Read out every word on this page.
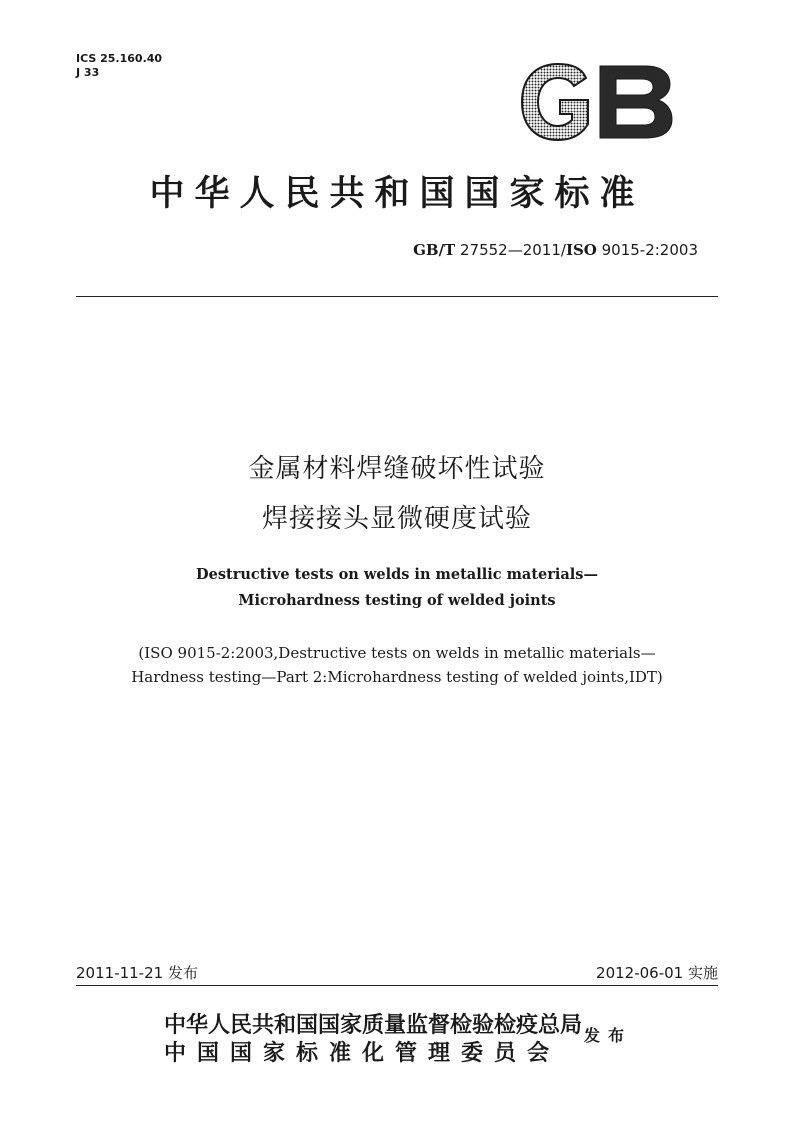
ICS 25.160.40
J 33
中华人民共和国国家标准
GB/T 27552—2011/ISO 9015-2:2003
金属材料焊缝破坏性试验
焊接接头显微硬度试验
Destructive tests on welds in metallic materials—
Microhardness testing of welded joints
(ISO 9015-2:2003,Destructive tests on welds in metallic materials—
Hardness testing—Part 2:Microhardness testing of welded joints,IDT)
2011-11-21 发布	2012-06-01 实施
中华人民共和国国家质量监督检验检疫总局
中国国家标准化管理委员会
发布
